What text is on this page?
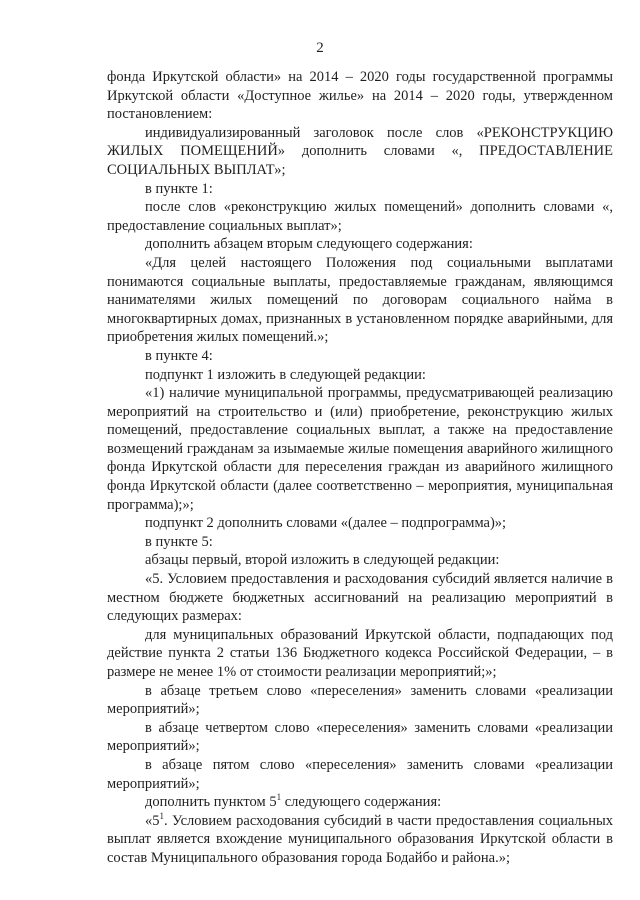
2

фонда Иркутской области» на 2014 – 2020 годы государственной программы Иркутской области «Доступное жилье» на 2014 – 2020 годы, утвержденном постановлением:

индивидуализированный заголовок после слов «РЕКОНСТРУКЦИЮ ЖИЛЫХ ПОМЕЩЕНИЙ» дополнить словами «, ПРЕДОСТАВЛЕНИЕ СОЦИАЛЬНЫХ ВЫПЛАТ»;

в пункте 1:

после слов «реконструкцию жилых помещений» дополнить словами «, предоставление социальных выплат»;

дополнить абзацем вторым следующего содержания:

«Для целей настоящего Положения под социальными выплатами понимаются социальные выплаты, предоставляемые гражданам, являющимся нанимателями жилых помещений по договорам социального найма в многоквартирных домах, признанных в установленном порядке аварийными, для приобретения жилых помещений.»;

в пункте 4:

подпункт 1 изложить в следующей редакции:

«1) наличие муниципальной программы, предусматривающей реализацию мероприятий на строительство и (или) приобретение, реконструкцию жилых помещений, предоставление социальных выплат, а также на предоставление возмещений гражданам за изымаемые жилые помещения аварийного жилищного фонда Иркутской области для переселения граждан из аварийного жилищного фонда Иркутской области (далее соответственно – мероприятия, муниципальная программа);»;

подпункт 2 дополнить словами «(далее – подпрограмма)»;

в пункте 5:

абзацы первый, второй изложить в следующей редакции:

«5. Условием предоставления и расходования субсидий является наличие в местном бюджете бюджетных ассигнований на реализацию мероприятий в следующих размерах:

для муниципальных образований Иркутской области, подпадающих под действие пункта 2 статьи 136 Бюджетного кодекса Российской Федерации, – в размере не менее 1% от стоимости реализации мероприятий;»;

в абзаце третьем слово «переселения» заменить словами «реализации мероприятий»;

в абзаце четвертом слово «переселения» заменить словами «реализации мероприятий»;

в абзаце пятом слово «переселения» заменить словами «реализации мероприятий»;

дополнить пунктом $5^1$ следующего содержания:

«$5^1$. Условием расходования субсидий в части предоставления социальных выплат является вхождение муниципального образования Иркутской области в состав Муниципального образования города Бодайбо и района.»;
